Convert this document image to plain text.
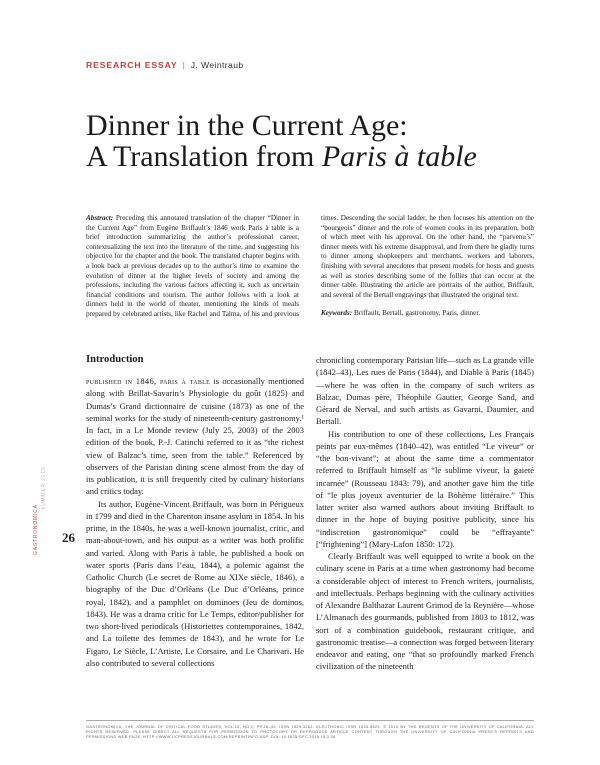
RESEARCH ESSAY | J. Weintraub
Dinner in the Current Age:
A Translation from Paris à table

Abstract: Preceding this annotated translation of the chapter “Dinner in the Current Age” from Eugène Briffault’s 1846 work Paris à table is a brief introduction summarizing the author’s professional career, contextualizing the text into the literature of the time, and suggesting his objective for the chapter and the book. The translated chapter begins with a look back at previous decades up to the author’s time to examine the evolution of dinner at the higher levels of society and among the professions, including the various factors affecting it, such as uncertain financial conditions and tourism. The author follows with a look at dinners held in the world of theater, mentioning the kinds of meals prepared by celebrated artists, like Rachel and Talma, of his and previous times. Descending the social ladder, he then focuses his attention on the “bourgeois” dinner and the role of women cooks in its preparation, both of which meet with his approval. On the other hand, the “parvenu’s” dinner meets with his extreme disapproval, and from there he gladly turns to dinner among shopkeepers and merchants, workers and laborers, finishing with several anecdotes that present models for hosts and guests as well as stories describing some of the follies that can occur at the dinner table. Illustrating the article are portraits of the author, Briffault, and several of the Bertall engravings that illustrated the original text.

Keywords: Briffault, Bertall, gastronomy, Paris, dinner.

Introduction

published in 1846, paris à table is occasionally mentioned along with Brillat-Savarin’s Physiologie du goût (1825) and Dumas’s Grand dictionnaire de cuisine (1873) as one of the seminal works for the study of nineteenth-century gastronomy.¹ In fact, in a Le Monde review (July 25, 2003) of the 2003 edition of the book, P.-J. Catinchi referred to it as “the richest view of Balzac’s time, seen from the table.” Referenced by observers of the Parisian dining scene almost from the day of its publication, it is still frequently cited by culinary historians and critics today.

Its author, Eugène-Vincent Briffault, was born in Périgueux in 1799 and died in the Charenton insane asylum in 1854. In his prime, in the 1840s, he was a well-known journalist, critic, and man-about-town, and his output as a writer was both prolific and varied. Along with Paris à table, he published a book on water sports (Paris dans l’eau, 1844), a polemic against the Catholic Church (Le secret de Rome au XIXe siècle, 1846), a biography of the Duc d’Orléans (Le Duc d’Orléans, prince royal, 1842), and a pamphlet on dominoes (Jeu de dominos, 1843). He was a drama critic for Le Temps, editor/publisher for two short-lived periodicals (Historiettes contemporaines, 1842, and La toilette des femmes de 1843), and he wrote for Le Figaro, Le Siècle, L’Artiste, Le Corsaire, and Le Charivari. He also contributed to several collections

chronicling contemporary Parisian life—such as La grande ville (1842–43), Les rues de Paris (1844), and Diable à Paris (1845)—where he was often in the company of such writers as Balzac, Dumas père, Théophile Gautier, George Sand, and Gérard de Nerval, and such artists as Gavarni, Daumier, and Bertall.

His contribution to one of these collections, Les Français peints par eux-mêmes (1840–42), was entitled “Le viveur” or “the bon-vivant”; at about the same time a commentator referred to Briffault himself as “le sublime viveur, la gaieté incarnée” (Rousseau 1843: 79), and another gave him the title of “le plus joyeux aventurier de la Bohème littéraire.” This latter writer also warned authors about inviting Briffault to dinner in the hope of buying positive publicity, since his “indiscretion gastronomique” could be “effrayante” [“frightening”] (Mary-Lafon 1850: 172).

Clearly Briffault was well equipped to write a book on the culinary scene in Paris at a time when gastronomy had become a considerable object of interest to French writers, journalists, and intellectuals. Perhaps beginning with the culinary activities of Alexandre Balthazar Laurent Grimod de la Reynière—whose L’Almanach des gourmands, published from 1803 to 1812, was sort of a combination guidebook, restaurant critique, and gastronomic treatise—a connection was forged between literary endeavor and eating, one “that so profoundly marked French civilization of the nineteenth

26
GASTRONOMICA
SUMMER 2015
GASTRONOMICA: THE JOURNAL OF CRITICAL FOOD STUDIES, VOL.15, NO.2, PP.26–40, ISSN 1529-3262, ELECTRONIC ISSN 1533-8622. © 2015 BY THE REGENTS OF THE UNIVERSITY OF CALIFORNIA. ALL RIGHTS RESERVED. PLEASE DIRECT ALL REQUESTS FOR PERMISSION TO PHOTOCOPY OR REPRODUCE ARTICLE CONTENT THROUGH THE UNIVERSITY OF CALIFORNIA PRESS’S REPRINTS AND PERMISSIONS WEB PAGE, HTTP://WWW.UCPRESSJOURNALS.COM/REPRINTINFO.ASP. DOI: 10.1525/GFC.2015.15.2.26
